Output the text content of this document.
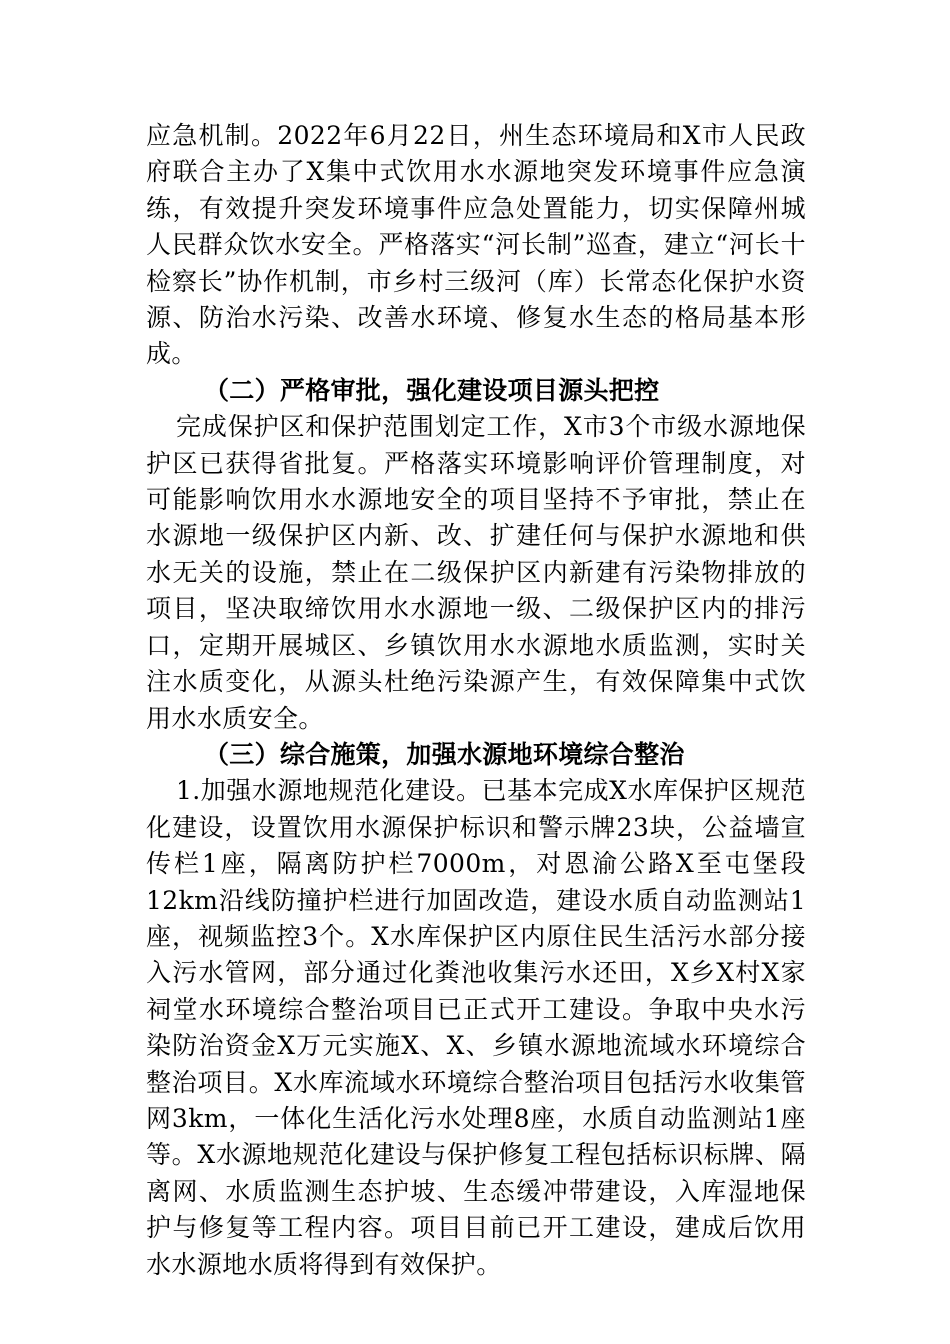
应急机制。2022年6月22日，州生态环境局和X市人民政府联合主办了X集中式饮用水水源地突发环境事件应急演练，有效提升突发环境事件应急处置能力，切实保障州城人民群众饮水安全。严格落实“河长制”巡查，建立“河长十检察长”协作机制，市乡村三级河（库）长常态化保护水资源、防治水污染、改善水环境、修复水生态的格局基本形成。

（二）严格审批，强化建设项目源头把控

完成保护区和保护范围划定工作，X市3个市级水源地保护区已获得省批复。严格落实环境影响评价管理制度，对可能影响饮用水水源地安全的项目坚持不予审批，禁止在水源地一级保护区内新、改、扩建任何与保护水源地和供水无关的设施，禁止在二级保护区内新建有污染物排放的项目，坚决取缔饮用水水源地一级、二级保护区内的排污口，定期开展城区、乡镇饮用水水源地水质监测，实时关注水质变化，从源头杜绝污染源产生，有效保障集中式饮用水水质安全。

（三）综合施策，加强水源地环境综合整治

1.加强水源地规范化建设。已基本完成X水库保护区规范化建设，设置饮用水源保护标识和警示牌23块，公益墙宣传栏1座，隔离防护栏7000m，对恩渝公路X至屯堡段12km沿线防撞护栏进行加固改造，建设水质自动监测站1座，视频监控3个。X水库保护区内原住民生活污水部分接入污水管网，部分通过化粪池收集污水还田，X乡X村X家祠堂水环境综合整治项目已正式开工建设。争取中央水污染防治资金X万元实施X、X、乡镇水源地流域水环境综合整治项目。X水库流域水环境综合整治项目包括污水收集管网3km，一体化生活化污水处理8座，水质自动监测站1座等。X水源地规范化建设与保护修复工程包括标识标牌、隔离网、水质监测生态护坡、生态缓冲带建设，入库湿地保护与修复等工程内容。项目目前已开工建设，建成后饮用水水源地水质将得到有效保护。
